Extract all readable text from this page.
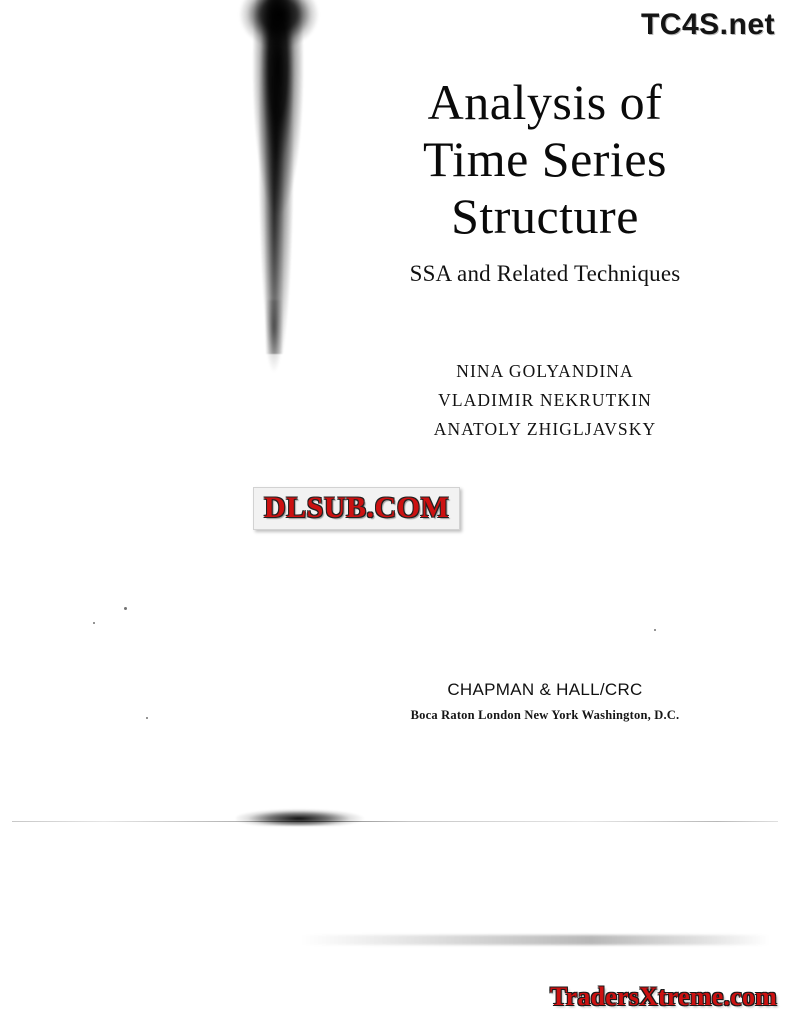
TC4S.net
Analysis of
Time Series
Structure
SSA and Related Techniques
NINA GOLYANDINA
VLADIMIR NEKRUTKIN
ANATOLY ZHIGLJAVSKY
DLSUB.COM
CHAPMAN & HALL/CRC
Boca Raton London New York Washington, D.C.
TradersXtreme.com
